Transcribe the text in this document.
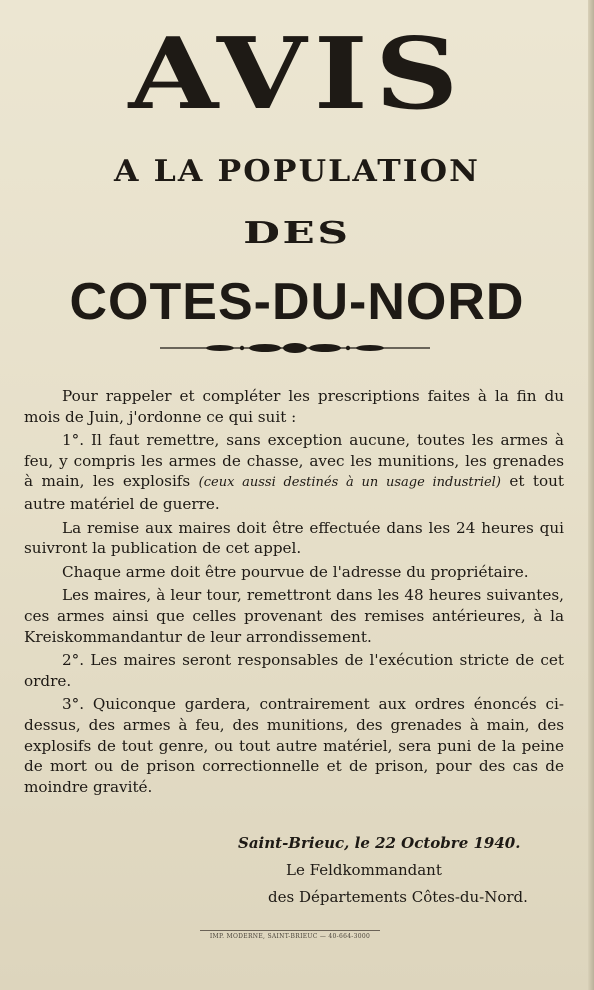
AVIS
A LA POPULATION
DES
COTES-DU-NORD

Pour rappeler et compléter les prescriptions faites à la fin du mois de Juin, j'ordonne ce qui suit :

1°. Il faut remettre, sans exception aucune, toutes les armes à feu, y compris les armes de chasse, avec les munitions, les grenades à main, les explosifs (ceux aussi destinés à un usage industriel) et tout autre matériel de guerre.

La remise aux maires doit être effectuée dans les 24 heures qui suivront la publication de cet appel.

Chaque arme doit être pourvue de l'adresse du propriétaire.

Les maires, à leur tour, remettront dans les 48 heures suivantes, ces armes ainsi que celles provenant des remises antérieures, à la Kreiskommandantur de leur arrondissement.

2°. Les maires seront responsables de l'exécution stricte de cet ordre.

3°. Quiconque gardera, contrairement aux ordres énoncés ci-dessus, des armes à feu, des munitions, des grenades à main, des explosifs de tout genre, ou tout autre matériel, sera puni de la peine de mort ou de prison correctionnelle et de prison, pour des cas de moindre gravité.

Saint-Brieuc, le 22 Octobre 1940.
Le Feldkommandant
des Départements Côtes-du-Nord.
IMP. MODERNE, SAINT-BRIEUC — 40-664-3000
